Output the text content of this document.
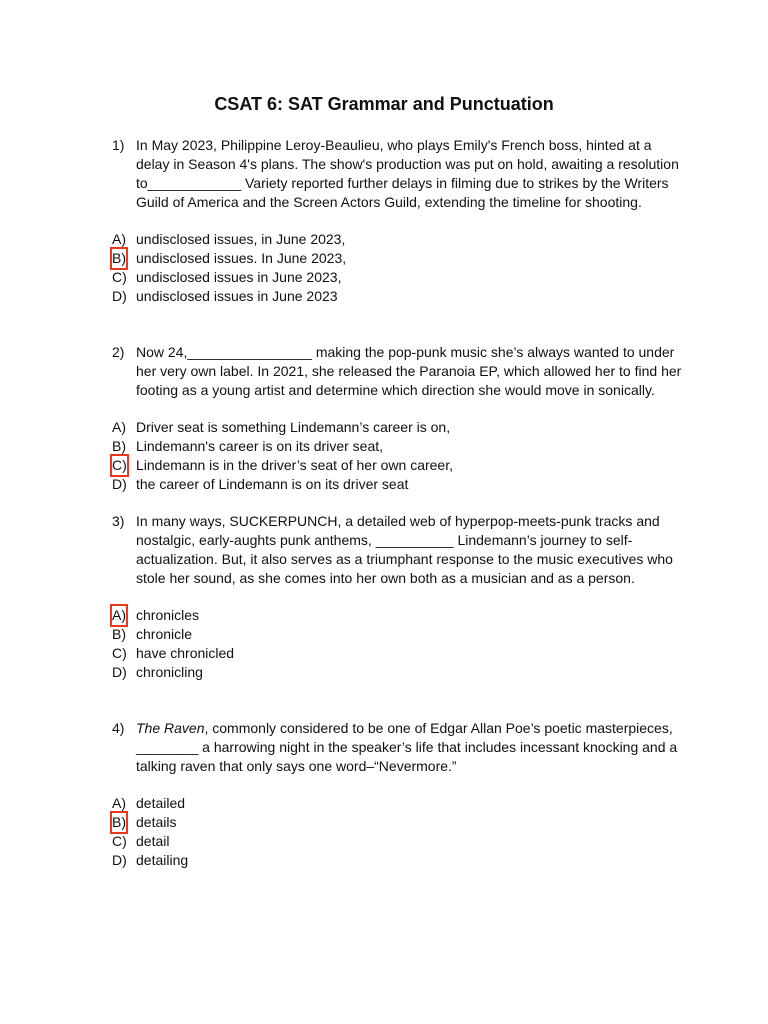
CSAT 6: SAT Grammar and Punctuation
1) In May 2023, Philippine Leroy-Beaulieu, who plays Emily's French boss, hinted at a delay in Season 4's plans. The show's production was put on hold, awaiting a resolution to____________ Variety reported further delays in filming due to strikes by the Writers Guild of America and the Screen Actors Guild, extending the timeline for shooting.
A) undisclosed issues, in June 2023,
B) undisclosed issues. In June 2023,
C) undisclosed issues in June 2023,
D) undisclosed issues in June 2023
2) Now 24,________________ making the pop-punk music she’s always wanted to under her very own label. In 2021, she released the Paranoia EP, which allowed her to find her footing as a young artist and determine which direction she would move in sonically.
A) Driver seat is something Lindemann’s career is on,
B) Lindemann's career is on its driver seat,
C) Lindemann is in the driver’s seat of her own career,
D) the career of Lindemann is on its driver seat
3) In many ways, SUCKERPUNCH, a detailed web of hyperpop-meets-punk tracks and nostalgic, early-aughts punk anthems, __________ Lindemann’s journey to self-actualization. But, it also serves as a triumphant response to the music executives who stole her sound, as she comes into her own both as a musician and as a person.
A) chronicles
B) chronicle
C) have chronicled
D) chronicling
4) The Raven, commonly considered to be one of Edgar Allan Poe’s poetic masterpieces, ________ a harrowing night in the speaker’s life that includes incessant knocking and a talking raven that only says one word–“Nevermore.”
A) detailed
B) details
C) detail
D) detailing
